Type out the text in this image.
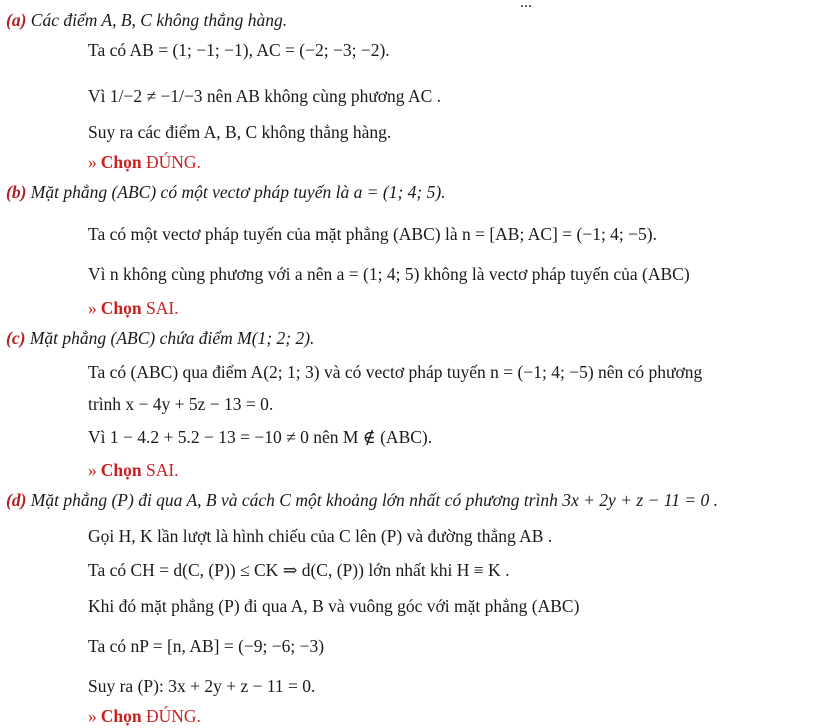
...
(a) Các điểm A, B, C không thẳng hàng.
Ta có AB = (1; −1; −1), AC = (−2; −3; −2).
Vì 1/−2 ≠ −1/−3 nên AB không cùng phương AC .
Suy ra các điểm A, B, C không thẳng hàng.
» Chọn ĐÚNG.
(b) Mặt phẳng (ABC) có một vectơ pháp tuyến là a = (1; 4; 5).
Ta có một vectơ pháp tuyến của mặt phẳng (ABC) là n = [AB; AC] = (−1; 4; −5).
Vì n không cùng phương với a nên a = (1; 4; 5) không là vectơ pháp tuyến của (ABC)
» Chọn SAI.
(c) Mặt phẳng (ABC) chứa điểm M(1; 2; 2).
Ta có (ABC) qua điểm A(2; 1; 3) và có vectơ pháp tuyến n = (−1; 4; −5) nên có phương
trình x − 4y + 5z − 13 = 0.
Vì 1 − 4.2 + 5.2 − 13 = −10 ≠ 0 nên M ∉ (ABC).
» Chọn SAI.
(d) Mặt phẳng (P) đi qua A, B và cách C một khoảng lớn nhất có phương trình 3x + 2y + z − 11 = 0 .
Gọi H, K lần lượt là hình chiếu của C lên (P) và đường thẳng AB .
Ta có CH = d(C, (P)) ≤ CK ⇒ d(C, (P)) lớn nhất khi H ≡ K .
Khi đó mặt phẳng (P) đi qua A, B và vuông góc với mặt phẳng (ABC)
Ta có nP = [n, AB] = (−9; −6; −3)
Suy ra (P): 3x + 2y + z − 11 = 0.
» Chọn ĐÚNG.
